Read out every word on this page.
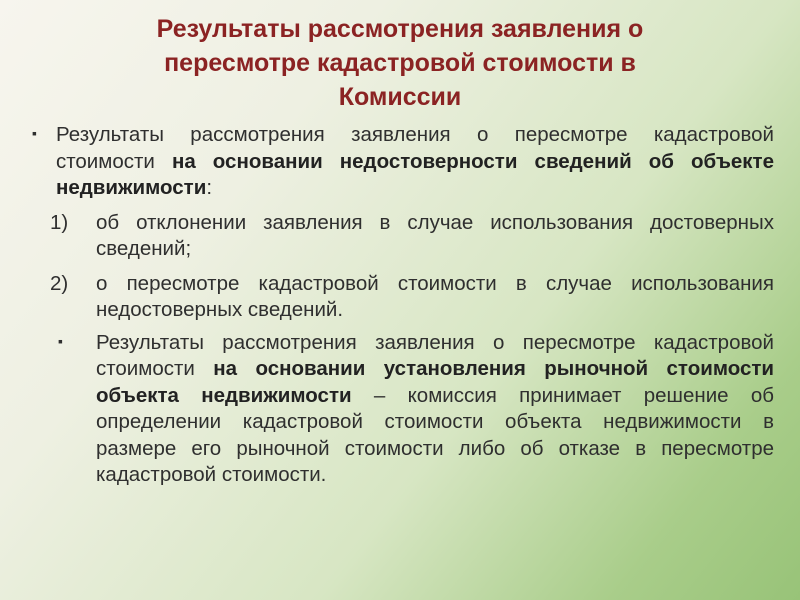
Результаты рассмотрения заявления о
пересмотре кадастровой стоимости в
Комиссии
▪ Результаты рассмотрения заявления о пересмотре кадастровой стоимости на основании недостоверности сведений об объекте недвижимости:
1) об отклонении заявления в случае использования достоверных сведений;
2) о пересмотре кадастровой стоимости в случае использования недостоверных сведений.
▪ Результаты рассмотрения заявления о пересмотре кадастровой стоимости на основании установления рыночной стоимости объекта недвижимости – комиссия принимает решение об определении кадастровой стоимости объекта недвижимости в размере его рыночной стоимости либо об отказе в пересмотре кадастровой стоимости.
